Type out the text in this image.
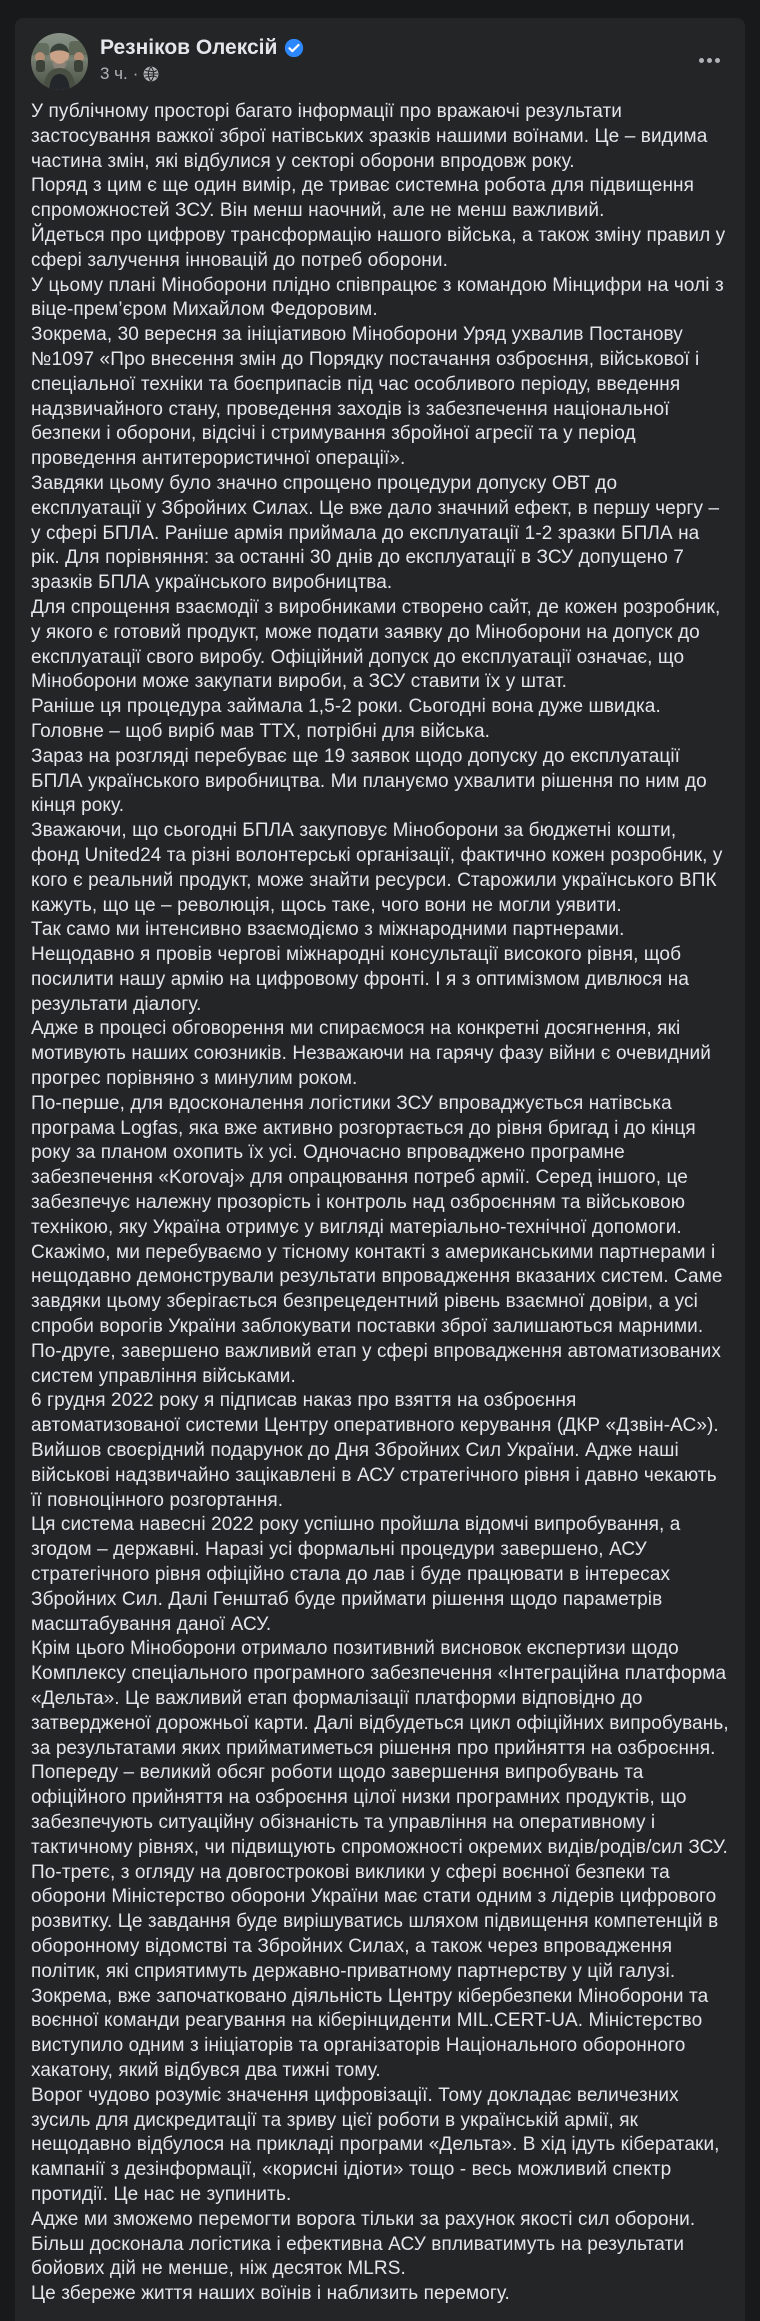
Резніков Олексій
3 ч. ·

У публічному просторі багато інформації про вражаючі результати застосування важкої зброї натівських зразків нашими воїнами. Це – видима частина змін, які відбулися у секторі оборони впродовж року.

Поряд з цим є ще один вимір, де триває системна робота для підвищення спроможностей ЗСУ. Він менш наочний, але не менш важливий.

Йдеться про цифрову трансформацію нашого війська, а також зміну правил у сфері залучення інновацій до потреб оборони.

У цьому плані Міноборони плідно співпрацює з командою Мінцифри на чолі з віце-прем’єром Михайлом Федоровим.

Зокрема, 30 вересня за ініціативою Міноборони Уряд ухвалив Постанову №1097 «Про внесення змін до Порядку постачання озброєння, військової і спеціальної техніки та боєприпасів під час особливого періоду, введення надзвичайного стану, проведення заходів із забезпечення національної безпеки і оборони, відсічі і стримування збройної агресії та у період проведення антитерористичної операції».

Завдяки цьому було значно спрощено процедури допуску ОВТ до експлуатації у Збройних Силах. Це вже дало значний ефект, в першу чергу – у сфері БПЛА. Раніше армія приймала до експлуатації 1-2 зразки БПЛА на рік. Для порівняння: за останні 30 днів до експлуатації в ЗСУ допущено 7 зразків БПЛА українського виробництва.

Для спрощення взаємодії з виробниками створено сайт, де кожен розробник, у якого є готовий продукт, може подати заявку до Міноборони на допуск до експлуатації свого виробу. Офіційний допуск до експлуатації означає, що Міноборони може закупати вироби, а ЗСУ ставити їх у штат.

Раніше ця процедура займала 1,5-2 роки. Сьогодні вона дуже швидка. Головне – щоб виріб мав ТТХ, потрібні для війська.

Зараз на розгляді перебуває ще 19 заявок щодо допуску до експлуатації БПЛА українського виробництва. Ми плануємо ухвалити рішення по ним до кінця року.

Зважаючи, що сьогодні БПЛА закуповує Міноборони за бюджетні кошти, фонд United24 та різні волонтерські організації, фактично кожен розробник, у кого є реальний продукт, може знайти ресурси. Старожили українського ВПК кажуть, що це – революція, щось таке, чого вони не могли уявити.

Так само ми інтенсивно взаємодіємо з міжнародними партнерами.

Нещодавно я провів чергові міжнародні консультації високого рівня, щоб посилити нашу армію на цифровому фронті. І я з оптимізмом дивлюся на результати діалогу.

Адже в процесі обговорення ми спираємося на конкретні досягнення, які мотивують наших союзників. Незважаючи на гарячу фазу війни є очевидний прогрес порівняно з минулим роком.

По-перше, для вдосконалення логістики ЗСУ впроваджується натівська програма Logfas, яка вже активно розгортається до рівня бригад і до кінця року за планом охопить їх усі. Одночасно впроваджено програмне забезпечення «Korovaj» для опрацювання потреб армії. Серед іншого, це забезпечує належну прозорість і контроль над озброєнням та військовою технікою, яку Україна отримує у вигляді матеріально-технічної допомоги.

Скажімо, ми перебуваємо у тісному контакті з американськими партнерами і нещодавно демонстрували результати впровадження вказаних систем. Саме завдяки цьому зберігається безпрецедентний рівень взаємної довіри, а усі спроби ворогів України заблокувати поставки зброї залишаються марними.

По-друге, завершено важливий етап у сфері впровадження автоматизованих систем управління військами.

6 грудня 2022 року я підписав наказ про взяття на озброєння автоматизованої системи Центру оперативного керування (ДКР «Дзвін-АС»). Вийшов своєрідний подарунок до Дня Збройних Сил України. Адже наші військові надзвичайно зацікавлені в АСУ стратегічного рівня і давно чекають її повноцінного розгортання.

Ця система навесні 2022 року успішно пройшла відомчі випробування, а згодом – державні. Наразі усі формальні процедури завершено, АСУ стратегічного рівня офіційно стала до лав і буде працювати в інтересах Збройних Сил. Далі Генштаб буде приймати рішення щодо параметрів масштабування даної АСУ.

Крім цього Міноборони отримало позитивний висновок експертизи щодо Комплексу спеціального програмного забезпечення «Інтеграційна платформа «Дельта». Це важливий етап формалізації платформи відповідно до затвердженої дорожньої карти. Далі відбудеться цикл офіційних випробувань, за результатами яких прийматиметься рішення про прийняття на озброєння. Попереду – великий обсяг роботи щодо завершення випробувань та офіційного прийняття на озброєння цілої низки програмних продуктів, що забезпечують ситуаційну обізнаність та управління на оперативному і тактичному рівнях, чи підвищують спроможності окремих видів/родів/сил ЗСУ.

По-третє, з огляду на довгострокові виклики у сфері воєнної безпеки та оборони Міністерство оборони України має стати одним з лідерів цифрового розвитку. Це завдання буде вирішуватись шляхом підвищення компетенцій в оборонному відомстві та Збройних Силах, а також через впровадження політик, які сприятимуть державно-приватному партнерству у цій галузі.

Зокрема, вже започатковано діяльність Центру кібербезпеки Міноборони та воєнної команди реагування на кіберінциденти MIL.CERT-UA. Міністерство виступило одним з ініціаторів та організаторів Національного оборонного хакатону, який відбувся два тижні тому.

Ворог чудово розуміє значення цифровізації. Тому докладає величезних зусиль для дискредитації та зриву цієї роботи в українській армії, як нещодавно відбулося на прикладі програми «Дельта». В хід ідуть кібератаки, кампанії з дезінформації, «корисні ідіоти» тощо - весь можливий спектр протидії. Це нас не зупинить.

Адже ми зможемо перемогти ворога тільки за рахунок якості сил оборони.

Більш досконала логістика і ефективна АСУ впливатимуть на результати бойових дій не менше, ніж десяток MLRS.

Це збереже життя наших воїнів і наблизить перемогу.
